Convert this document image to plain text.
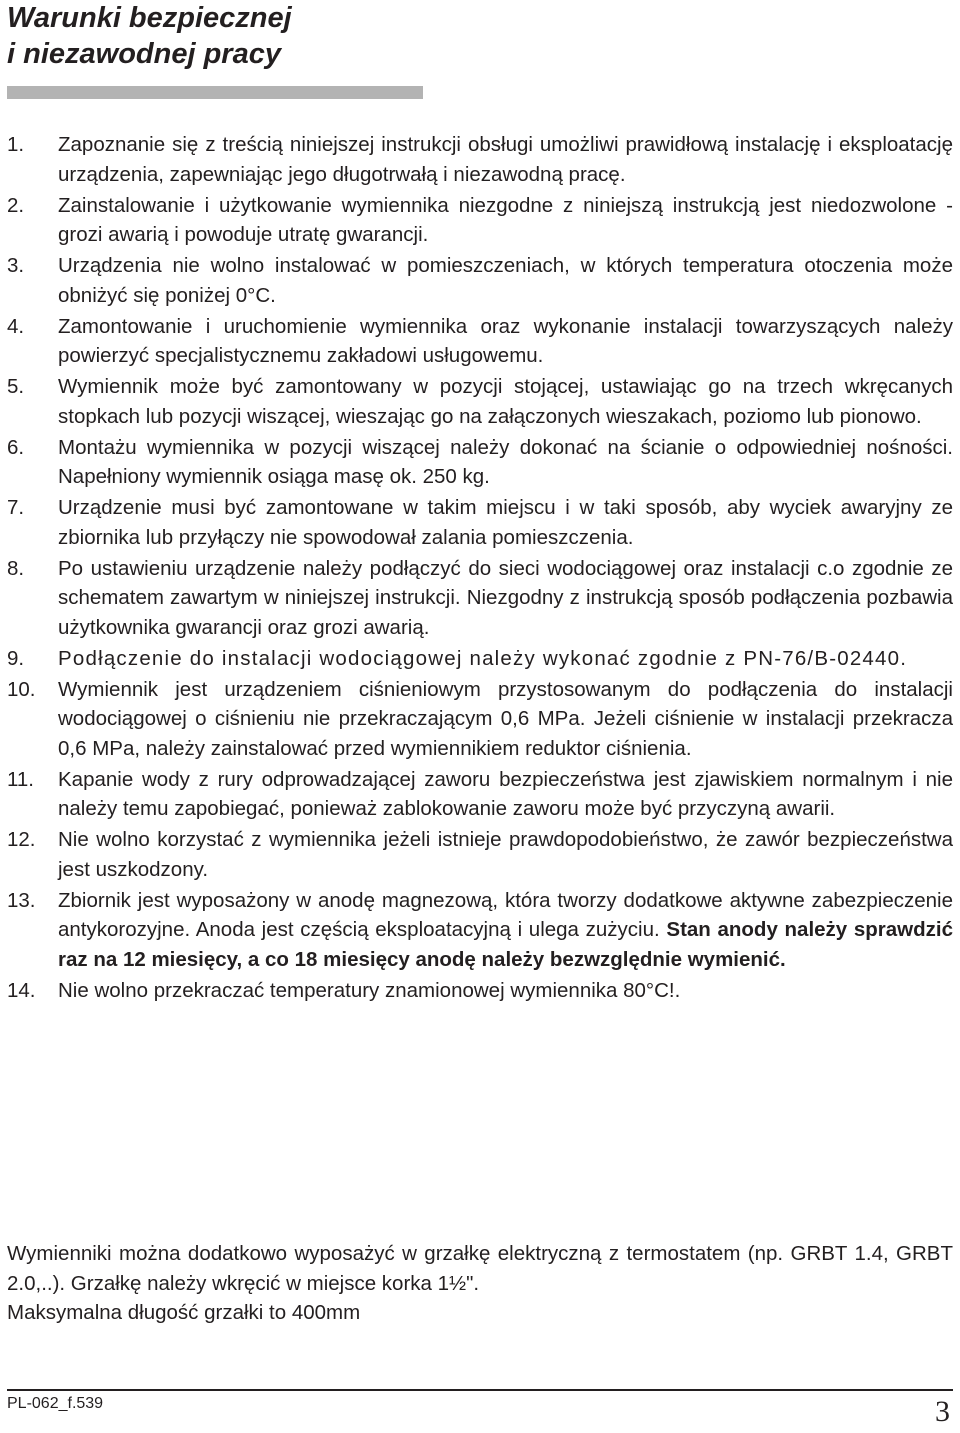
Warunki bezpiecznej
i niezawodnej pracy
1.	Zapoznanie się z treścią niniejszej instrukcji obsługi umożliwi prawidłową instalację i eksploatację urządzenia, zapewniając jego długotrwałą i niezawodną pracę.
2.	Zainstalowanie i użytkowanie wymiennika niezgodne z niniejszą instrukcją jest niedozwolone - grozi awarią i powoduje utratę gwarancji.
3.	Urządzenia nie wolno instalować w pomieszczeniach, w których temperatura otoczenia może obniżyć się poniżej 0°C.
4.	Zamontowanie i uruchomienie wymiennika oraz wykonanie instalacji towarzyszących należy powierzyć specjalistycznemu zakładowi usługowemu.
5.	Wymiennik może być zamontowany w pozycji stojącej, ustawiając go na trzech wkręcanych stopkach lub pozycji wiszącej, wieszając go na załączonych wieszakach, poziomo lub pionowo.
6.	Montażu wymiennika w pozycji wiszącej należy dokonać na ścianie o odpowiedniej nośności. Napełniony wymiennik osiąga masę ok. 250 kg.
7.	Urządzenie musi być zamontowane w takim miejscu i w taki sposób, aby wyciek awaryjny ze zbiornika lub przyłączy nie spowodował zalania pomieszczenia.
8.	Po ustawieniu urządzenie należy podłączyć do sieci wodociągowej oraz instalacji c.o zgodnie ze schematem zawartym w niniejszej instrukcji. Niezgodny z instrukcją sposób podłączenia pozbawia użytkownika gwarancji oraz grozi awarią.
9.	Podłączenie do instalacji wodociągowej należy wykonać zgodnie z PN-76/B-02440.
10.	Wymiennik jest urządzeniem ciśnieniowym przystosowanym do podłączenia do instalacji wodociągowej o ciśnieniu nie przekraczającym 0,6 MPa. Jeżeli ciśnienie w instalacji przekracza 0,6 MPa, należy zainstalować przed wymiennikiem reduktor ciśnienia.
11.	Kapanie wody z rury odprowadzającej zaworu bezpieczeństwa jest zjawiskiem normalnym i nie należy temu zapobiegać, ponieważ zablokowanie zaworu może być przyczyną awarii.
12.	Nie wolno korzystać z wymiennika jeżeli istnieje prawdopodobieństwo, że zawór bezpieczeństwa jest uszkodzony.
13.	Zbiornik jest wyposażony w anodę magnezową, która tworzy dodatkowe aktywne zabezpieczenie antykorozyjne. Anoda jest częścią eksploatacyjną i ulega zużyciu. Stan anody należy sprawdzić raz na 12 miesięcy, a co 18 miesięcy anodę należy bezwzględnie wymienić.
14.	Nie wolno przekraczać temperatury znamionowej wymiennika 80°C!.

Wymienniki można dodatkowo wyposażyć w grzałkę elektryczną z termostatem (np. GRBT 1.4, GRBT 2.0,..). Grzałkę należy wkręcić w miejsce korka 1½".
Maksymalna długość grzałki to 400mm

PL-062_f.539	3
